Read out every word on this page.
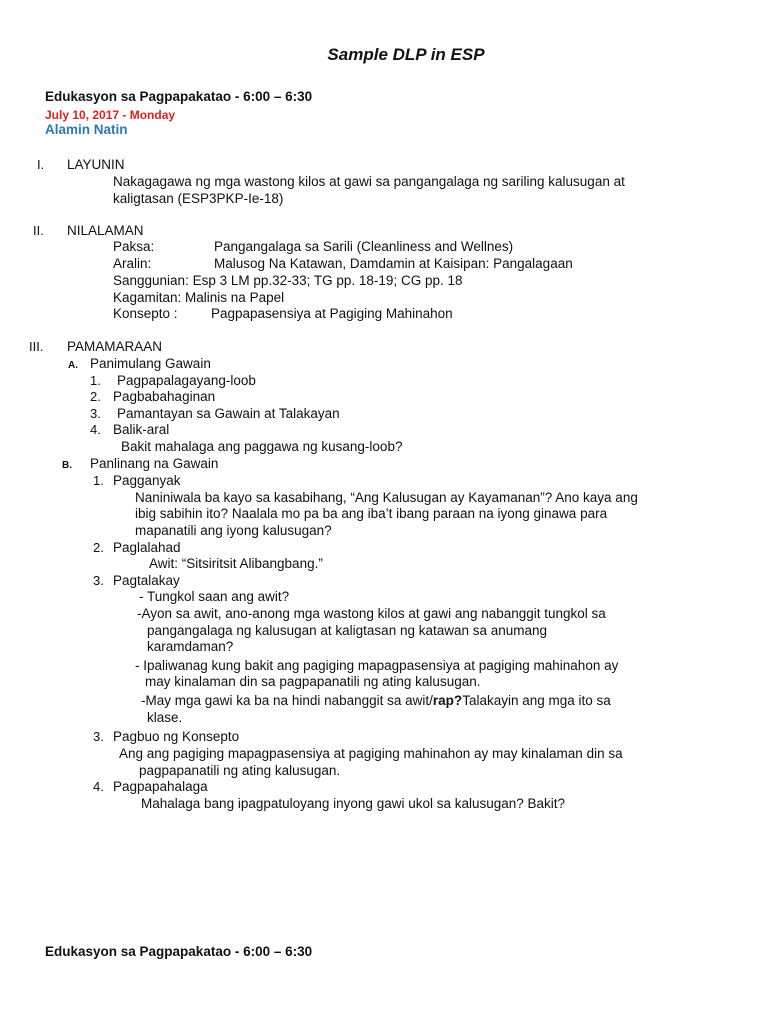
Sample DLP in ESP
Edukasyon sa Pagpapakatao - 6:00 – 6:30
July 10, 2017 - Monday
Alamin Natin
I. LAYUNIN
Nakagagawa ng mga wastong kilos at gawi sa pangangalaga ng sariling kalusugan at
kaligtasan (ESP3PKP-Ie-18)
II. NILALAMAN
Paksa:	Pangangalaga sa Sarili (Cleanliness and Wellnes)
Aralin:	Malusog Na Katawan, Damdamin at Kaisipan: Pangalagaan
Sanggunian: Esp 3 LM pp.32-33; TG pp. 18-19; CG pp. 18
Kagamitan: Malinis na Papel
Konsepto : Pagpapasensiya at Pagiging Mahinahon
III. PAMAMARAAN
A. Panimulang Gawain
1. Pagpapalagayang-loob
2. Pagbabahaginan
3. Pamantayan sa Gawain at Talakayan
4. Balik-aral
Bakit mahalaga ang paggawa ng kusang-loob?
B. Panlinang na Gawain
1. Pagganyak
Naniniwala ba kayo sa kasabihang, “Ang Kalusugan ay Kayamanan”? Ano kaya ang
ibig sabihin ito? Naalala mo pa ba ang iba’t ibang paraan na iyong ginawa para
mapanatili ang iyong kalusugan?
2. Paglalahad
Awit: “Sitsiritsit Alibangbang.”
3. Pagtalakay
- Tungkol saan ang awit?
-Ayon sa awit, ano-anong mga wastong kilos at gawi ang nabanggit tungkol sa
pangangalaga ng kalusugan at kaligtasan ng katawan sa anumang
karamdaman?
- Ipaliwanag kung bakit ang pagiging mapagpasensiya at pagiging mahinahon ay
may kinalaman din sa pagpapanatili ng ating kalusugan.
-May mga gawi ka ba na hindi nabanggit sa awit/rap?Talakayin ang mga ito sa
klase.
3. Pagbuo ng Konsepto
Ang ang pagiging mapagpasensiya at pagiging mahinahon ay may kinalaman din sa
pagpapanatili ng ating kalusugan.
4. Pagpapahalaga
Mahalaga bang ipagpatuloyang inyong gawi ukol sa kalusugan? Bakit?
Edukasyon sa Pagpapakatao - 6:00 – 6:30
